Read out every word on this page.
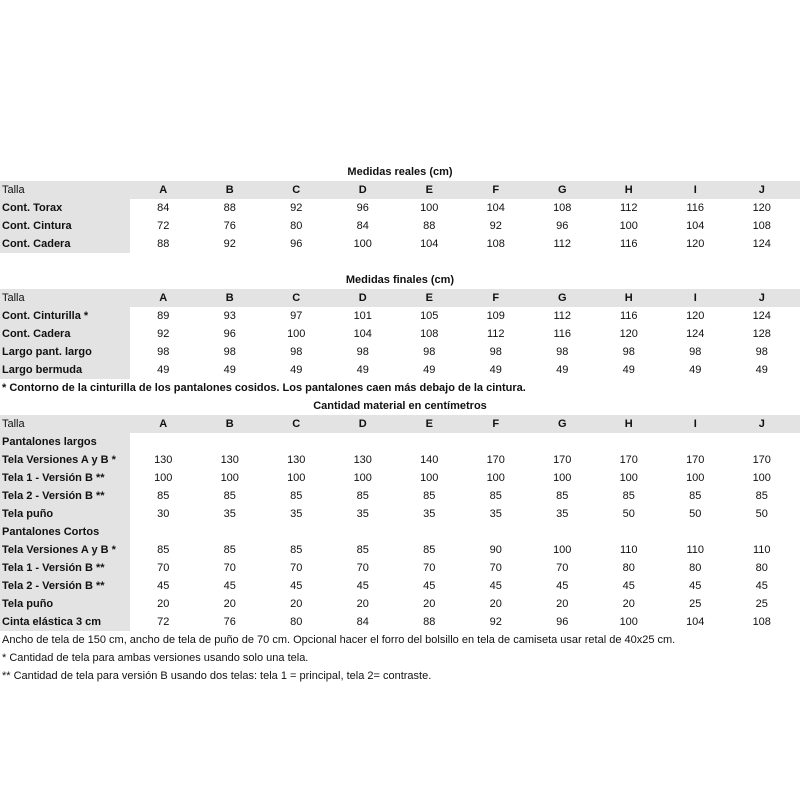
Medidas reales (cm)
Talla	A	B	C	D	E	F	G	H	I	J
Cont. Torax	84	88	92	96	100	104	108	112	116	120
Cont. Cintura	72	76	80	84	88	92	96	100	104	108
Cont. Cadera	88	92	96	100	104	108	112	116	120	124
Medidas finales (cm)
Talla	A	B	C	D	E	F	G	H	I	J
Cont. Cinturilla *	89	93	97	101	105	109	112	116	120	124
Cont. Cadera	92	96	100	104	108	112	116	120	124	128
Largo pant. largo	98	98	98	98	98	98	98	98	98	98
Largo bermuda	49	49	49	49	49	49	49	49	49	49
* Contorno de la cinturilla de los pantalones cosidos. Los pantalones caen más debajo de la cintura.
Cantidad material en centímetros
Talla	A	B	C	D	E	F	G	H	I	J
Pantalones largos
Tela Versiones A y B *	130	130	130	130	140	170	170	170	170	170
Tela 1 - Versión B **	100	100	100	100	100	100	100	100	100	100
Tela 2 - Versión B **	85	85	85	85	85	85	85	85	85	85
Tela puño	30	35	35	35	35	35	35	50	50	50
Pantalones Cortos
Tela Versiones A y B *	85	85	85	85	85	90	100	110	110	110
Tela 1 - Versión B **	70	70	70	70	70	70	70	80	80	80
Tela 2 - Versión B **	45	45	45	45	45	45	45	45	45	45
Tela puño	20	20	20	20	20	20	20	20	25	25
Cinta elástica 3 cm	72	76	80	84	88	92	96	100	104	108
Ancho de tela de 150 cm, ancho de tela de puño de 70 cm. Opcional hacer el forro del bolsillo en tela de camiseta usar retal de 40x25 cm.
* Cantidad de tela para ambas versiones usando solo una tela.
** Cantidad de tela para versión B usando dos telas: tela 1 = principal, tela 2= contraste.
